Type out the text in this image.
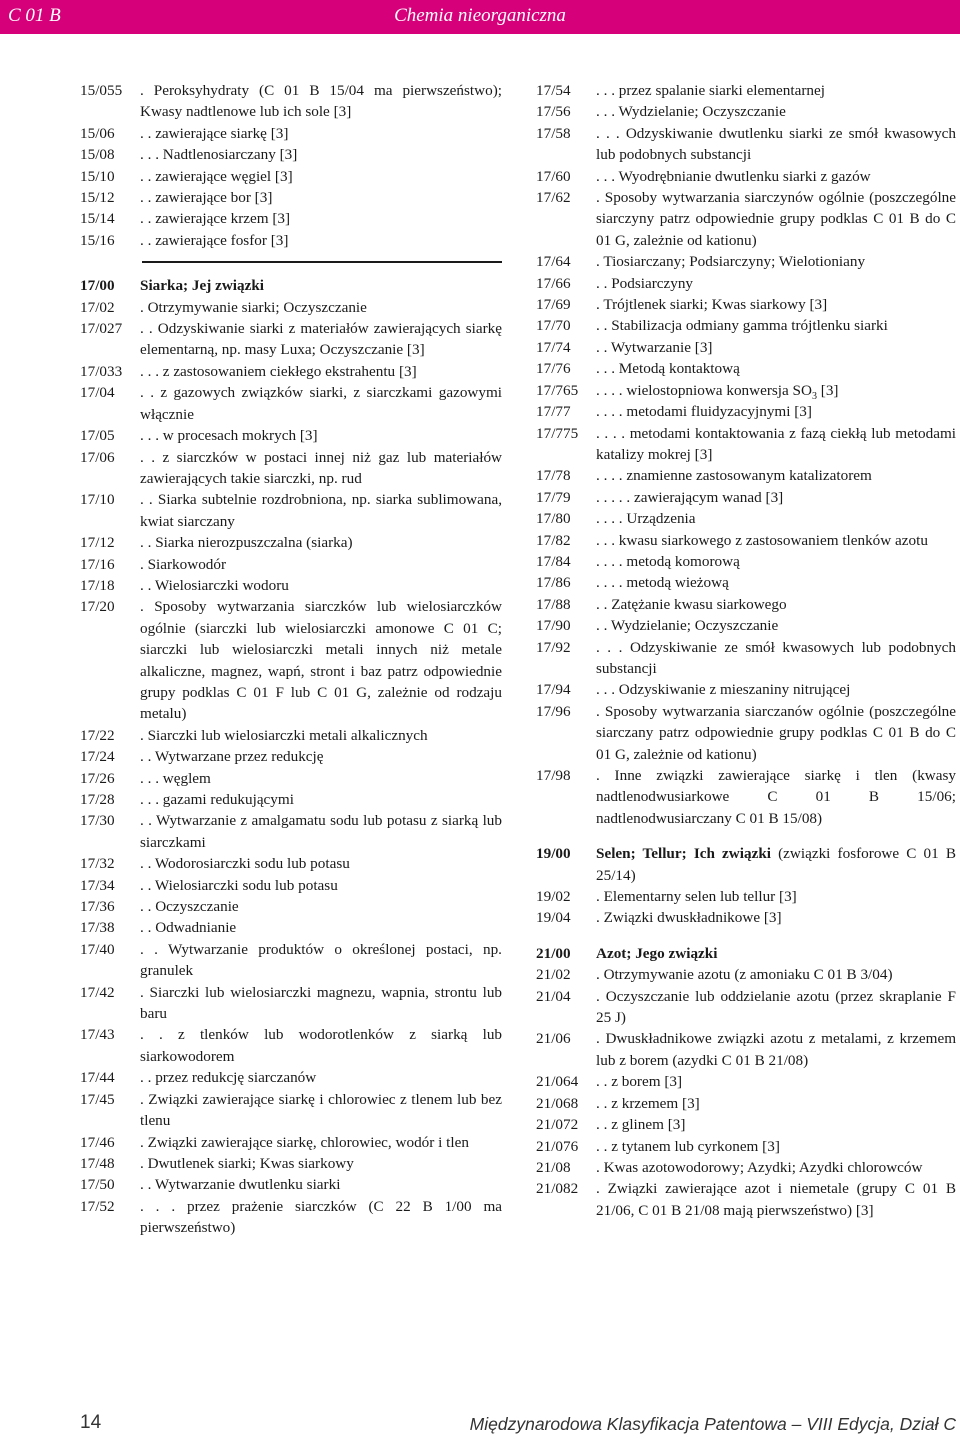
C 01 B	Chemia nieorganiczna
15/055	. Peroksyhydraty (C 01 B 15/04 ma pierwszeństwo); Kwasy nadtlenowe lub ich sole [3]
15/06	. . zawierające siarkę [3]
15/08	. . . Nadtlenosiarczany [3]
15/10	. . zawierające węgiel [3]
15/12	. . zawierające bor [3]
15/14	. . zawierające krzem [3]
15/16	. . zawierające fosfor [3]
17/00	Siarka; Jej związki
17/02	. Otrzymywanie siarki; Oczyszczanie
17/027	. . Odzyskiwanie siarki z materiałów zawierających siarkę elementarną, np. masy Luxa; Oczyszczanie [3]
17/033	. . . z zastosowaniem ciekłego ekstrahentu [3]
17/04	. . z gazowych związków siarki, z siarczkami gazowymi włącznie
17/05	. . . w procesach mokrych [3]
17/06	. . z siarczków w postaci innej niż gaz lub materiałów zawierających takie siarczki, np. rud
17/10	. . Siarka subtelnie rozdrobniona, np. siarka sublimowana, kwiat siarczany
17/12	. . Siarka nierozpuszczalna (siarka)
17/16	. Siarkowodór
17/18	. . Wielosiarczki wodoru
17/20	. Sposoby wytwarzania siarczków lub wielosiarczków ogólnie (siarczki lub wielosiarczki amonowe C 01 C; siarczki lub wielosiarczki metali innych niż metale alkaliczne, magnez, wapń, stront i baz patrz odpowiednie grupy podklas C 01 F lub C 01 G, zależnie od rodzaju metalu)
17/22	. Siarczki lub wielosiarczki metali alkalicznych
17/24	. . Wytwarzane przez redukcję
17/26	. . . węglem
17/28	. . . gazami redukującymi
17/30	. . Wytwarzanie z amalgamatu sodu lub potasu z siarką lub siarczkami
17/32	. . Wodorosiarczki sodu lub potasu
17/34	. . Wielosiarczki sodu lub potasu
17/36	. . Oczyszczanie
17/38	. . Odwadnianie
17/40	. . Wytwarzanie produktów o określonej postaci, np. granulek
17/42	. Siarczki lub wielosiarczki magnezu, wapnia, strontu lub baru
17/43	. . z tlenków lub wodorotlenków z siarką lub siarkowodorem
17/44	. . przez redukcję siarczanów
17/45	. Związki zawierające siarkę i chlorowiec z tlenem lub bez tlenu
17/46	. Związki zawierające siarkę, chlorowiec, wodór i tlen
17/48	. Dwutlenek siarki; Kwas siarkowy
17/50	. . Wytwarzanie dwutlenku siarki
17/52	. . . przez prażenie siarczków (C 22 B 1/00 ma pierwszeństwo)
17/54	. . . przez spalanie siarki elementarnej
17/56	. . . Wydzielanie; Oczyszczanie
17/58	. . . Odzyskiwanie dwutlenku siarki ze smół kwasowych lub podobnych substancji
17/60	. . . Wyodrębnianie dwutlenku siarki z gazów
17/62	. Sposoby wytwarzania siarczynów ogólnie (poszczególne siarczyny patrz odpowiednie grupy podklas C 01 B do C 01 G, zależnie od kationu)
17/64	. Tiosiarczany; Podsiarczyny; Wielotioniany
17/66	. . Podsiarczyny
17/69	. Trójtlenek siarki; Kwas siarkowy [3]
17/70	. . Stabilizacja odmiany gamma trójtlenku siarki
17/74	. . Wytwarzanie [3]
17/76	. . . Metodą kontaktową
17/765	. . . . wielostopniowa konwersja $SO_3$ [3]
17/77	. . . . metodami fluidyzacyjnymi [3]
17/775	. . . . metodami kontaktowania z fazą ciekłą lub metodami katalizy mokrej [3]
17/78	. . . . znamienne zastosowanym katalizatorem
17/79	. . . . . zawierającym wanad [3]
17/80	. . . . Urządzenia
17/82	. . . kwasu siarkowego z zastosowaniem tlenków azotu
17/84	. . . . metodą komorową
17/86	. . . . metodą wieżową
17/88	. . Zatężanie kwasu siarkowego
17/90	. . Wydzielanie; Oczyszczanie
17/92	. . . Odzyskiwanie ze smół kwasowych lub podobnych substancji
17/94	. . . Odzyskiwanie z mieszaniny nitrującej
17/96	. Sposoby wytwarzania siarczanów ogólnie (poszczególne siarczany patrz odpowiednie grupy podklas C 01 B do C 01 G, zależnie od kationu)
17/98	. Inne związki zawierające siarkę i tlen (kwasy nadtlenodwusiarkowe C 01 B 15/06; nadtlenodwusiarczany C 01 B 15/08)
19/00	Selen; Tellur; Ich związki (związki fosforowe C 01 B 25/14)
19/02	. Elementarny selen lub tellur [3]
19/04	. Związki dwuskładnikowe [3]
21/00	Azot; Jego związki
21/02	. Otrzymywanie azotu (z amoniaku C 01 B 3/04)
21/04	. Oczyszczanie lub oddzielanie azotu (przez skraplanie F 25 J)
21/06	. Dwuskładnikowe związki azotu z metalami, z krzemem lub z borem (azydki C 01 B 21/08)
21/064	. . z borem [3]
21/068	. . z krzemem [3]
21/072	. . z glinem [3]
21/076	. . z tytanem lub cyrkonem [3]
21/08	. Kwas azotowodorowy; Azydki; Azydki chlorowców
21/082	. Związki zawierające azot i niemetale (grupy C 01 B 21/06, C 01 B 21/08 mają pierwszeństwo) [3]
14	Międzynarodowa Klasyfikacja Patentowa – VIII Edycja, Dział C
